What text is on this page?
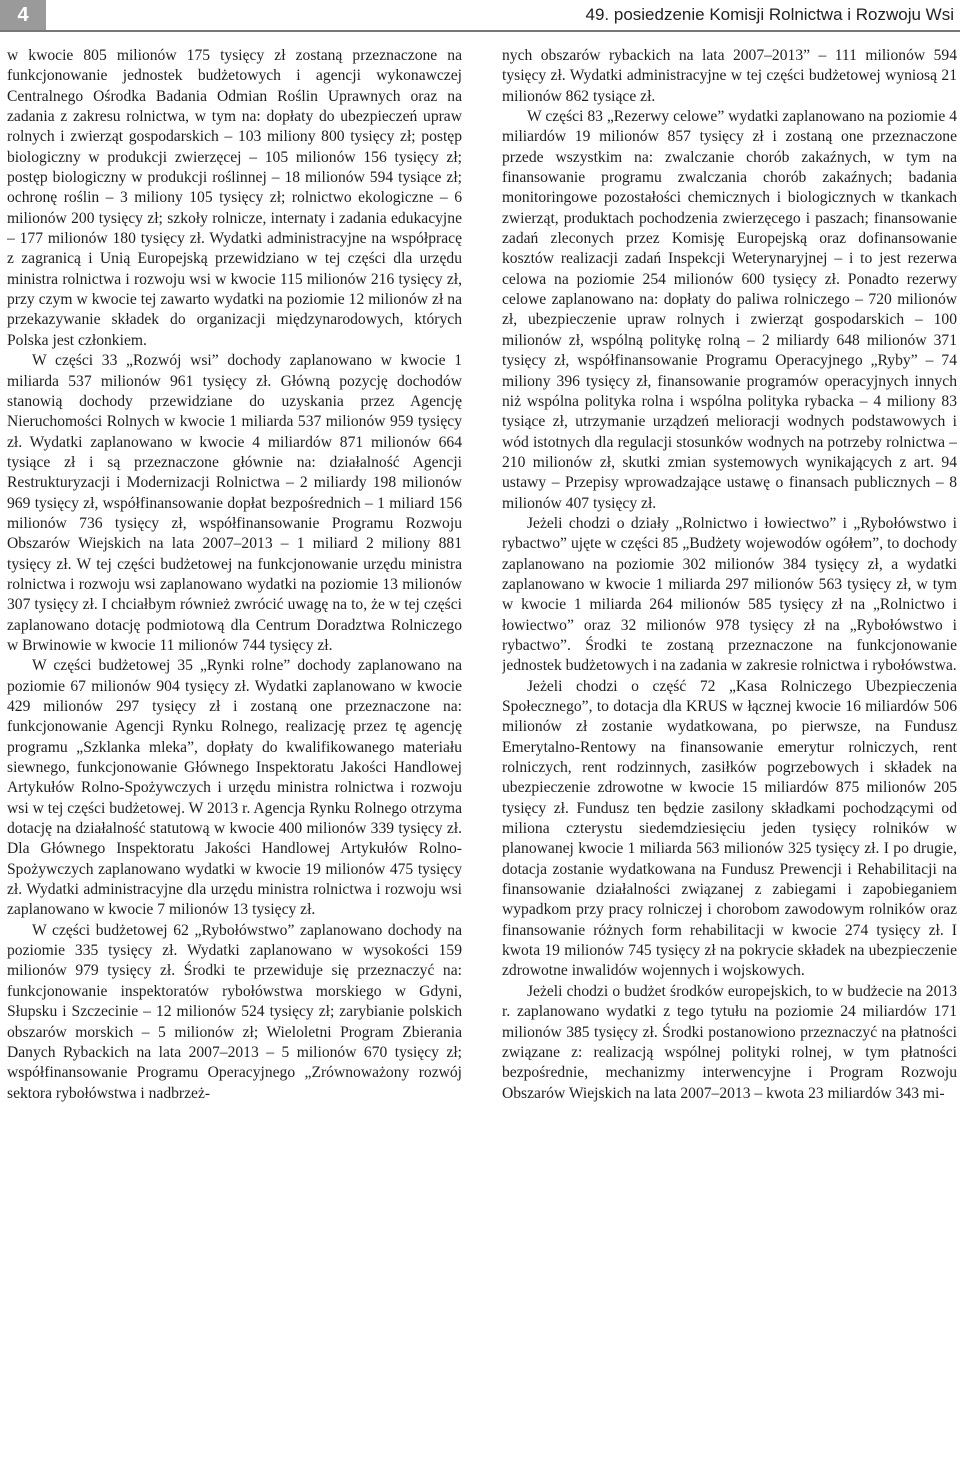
4	49. posiedzenie Komisji Rolnictwa i Rozwoju Wsi

w kwocie 805 milionów 175 tysięcy zł zostaną przeznaczone na funkcjonowanie jednostek budżetowych i agencji wykonawczej Centralnego Ośrodka Badania Odmian Roślin Uprawnych oraz na zadania z zakresu rolnictwa, w tym na: dopłaty do ubezpieczeń upraw rolnych i zwierząt gospodarskich – 103 miliony 800 tysięcy zł; postęp biologiczny w produkcji zwierzęcej – 105 milionów 156 tysięcy zł; postęp biologiczny w produkcji roślinnej – 18 milionów 594 tysiące zł; ochronę roślin – 3 miliony 105 tysięcy zł; rolnictwo ekologiczne – 6 milionów 200 tysięcy zł; szkoły rolnicze, internaty i zadania edukacyjne – 177 milionów 180 tysięcy zł. Wydatki administracyjne na współpracę z zagranicą i Unią Europejską przewidziano w tej części dla urzędu ministra rolnictwa i rozwoju wsi w kwocie 115 milionów 216 tysięcy zł, przy czym w kwocie tej zawarto wydatki na poziomie 12 milionów zł na przekazywanie składek do organizacji międzynarodowych, których Polska jest członkiem.

W części 33 „Rozwój wsi” dochody zaplanowano w kwocie 1 miliarda 537 milionów 961 tysięcy zł. Główną pozycję dochodów stanowią dochody przewidziane do uzyskania przez Agencję Nieruchomości Rolnych w kwocie 1 miliarda 537 milionów 959 tysięcy zł. Wydatki zaplanowano w kwocie 4 miliardów 871 milionów 664 tysiące zł i są przeznaczone głównie na: działalność Agencji Restrukturyzacji i Modernizacji Rolnictwa – 2 miliardy 198 milionów 969 tysięcy zł, współfinansowanie dopłat bezpośrednich – 1 miliard 156 milionów 736 tysięcy zł, współfinansowanie Programu Rozwoju Obszarów Wiejskich na lata 2007–2013 – 1 miliard 2 miliony 881 tysięcy zł. W tej części budżetowej na funkcjonowanie urzędu ministra rolnictwa i rozwoju wsi zaplanowano wydatki na poziomie 13 milionów 307 tysięcy zł. I chciałbym również zwrócić uwagę na to, że w tej części zaplanowano dotację podmiotową dla Centrum Doradztwa Rolniczego w Brwinowie w kwocie 11 milionów 744 tysięcy zł.

W części budżetowej 35 „Rynki rolne” dochody zaplanowano na poziomie 67 milionów 904 tysięcy zł. Wydatki zaplanowano w kwocie 429 milionów 297 tysięcy zł i zostaną one przeznaczone na: funkcjonowanie Agencji Rynku Rolnego, realizację przez tę agencję programu „Szklanka mleka”, dopłaty do kwalifikowanego materiału siewnego, funkcjonowanie Głównego Inspektoratu Jakości Handlowej Artykułów Rolno-Spożywczych i urzędu ministra rolnictwa i rozwoju wsi w tej części budżetowej. W 2013 r. Agencja Rynku Rolnego otrzyma dotację na działalność statutową w kwocie 400 milionów 339 tysięcy zł. Dla Głównego Inspektoratu Jakości Handlowej Artykułów Rolno-Spożywczych zaplanowano wydatki w kwocie 19 milionów 475 tysięcy zł. Wydatki administracyjne dla urzędu ministra rolnictwa i rozwoju wsi zaplanowano w kwocie 7 milionów 13 tysięcy zł.

W części budżetowej 62 „Rybołówstwo” zaplanowano dochody na poziomie 335 tysięcy zł. Wydatki zaplanowano w wysokości 159 milionów 979 tysięcy zł. Środki te przewiduje się przeznaczyć na: funkcjonowanie inspektoratów rybołówstwa morskiego w Gdyni, Słupsku i Szczecinie – 12 milionów 524 tysięcy zł; zarybianie polskich obszarów morskich – 5 milionów zł; Wieloletni Program Zbierania Danych Rybackich na lata 2007–2013 – 5 milionów 670 tysięcy zł; współfinansowanie Programu Operacyjnego „Zrównoważony rozwój sektora rybołówstwa i nadbrzeż-

nych obszarów rybackich na lata 2007–2013” – 111 milionów 594 tysięcy zł. Wydatki administracyjne w tej części budżetowej wyniosą 21 milionów 862 tysiące zł.

W części 83 „Rezerwy celowe” wydatki zaplanowano na poziomie 4 miliardów 19 milionów 857 tysięcy zł i zostaną one przeznaczone przede wszystkim na: zwalczanie chorób zakaźnych, w tym na finansowanie programu zwalczania chorób zakaźnych; badania monitoringowe pozostałości chemicznych i biologicznych w tkankach zwierząt, produktach pochodzenia zwierzęcego i paszach; finansowanie zadań zleconych przez Komisję Europejską oraz dofinansowanie kosztów realizacji zadań Inspekcji Weterynaryjnej – i to jest rezerwa celowa na poziomie 254 milionów 600 tysięcy zł. Ponadto rezerwy celowe zaplanowano na: dopłaty do paliwa rolniczego – 720 milionów zł, ubezpieczenie upraw rolnych i zwierząt gospodarskich – 100 milionów zł, wspólną politykę rolną – 2 miliardy 648 milionów 371 tysięcy zł, współfinansowanie Programu Operacyjnego „Ryby” – 74 miliony 396 tysięcy zł, finansowanie programów operacyjnych innych niż wspólna polityka rolna i wspólna polityka rybacka – 4 miliony 83 tysiące zł, utrzymanie urządzeń melioracji wodnych podstawowych i wód istotnych dla regulacji stosunków wodnych na potrzeby rolnictwa – 210 milionów zł, skutki zmian systemowych wynikających z art. 94 ustawy – Przepisy wprowadzające ustawę o finansach publicznych – 8 milionów 407 tysięcy zł.

Jeżeli chodzi o działy „Rolnictwo i łowiectwo” i „Rybołówstwo i rybactwo” ujęte w części 85 „Budżety wojewodów ogółem”, to dochody zaplanowano na poziomie 302 milionów 384 tysięcy zł, a wydatki zaplanowano w kwocie 1 miliarda 297 milionów 563 tysięcy zł, w tym w kwocie 1 miliarda 264 milionów 585 tysięcy zł na „Rolnictwo i łowiectwo” oraz 32 milionów 978 tysięcy zł na „Rybołówstwo i rybactwo”. Środki te zostaną przeznaczone na funkcjonowanie jednostek budżetowych i na zadania w zakresie rolnictwa i rybołówstwa.

Jeżeli chodzi o część 72 „Kasa Rolniczego Ubezpieczenia Społecznego”, to dotacja dla KRUS w łącznej kwocie 16 miliardów 506 milionów zł zostanie wydatkowana, po pierwsze, na Fundusz Emerytalno-Rentowy na finansowanie emerytur rolniczych, rent rolniczych, rent rodzinnych, zasiłków pogrzebowych i składek na ubezpieczenie zdrowotne w kwocie 15 miliardów 875 milionów 205 tysięcy zł. Fundusz ten będzie zasilony składkami pochodzącymi od miliona czterystu siedemdziesięciu jeden tysięcy rolników w planowanej kwocie 1 miliarda 563 milionów 325 tysięcy zł. I po drugie, dotacja zostanie wydatkowana na Fundusz Prewencji i Rehabilitacji na finansowanie działalności związanej z zabiegami i zapobieganiem wypadkom przy pracy rolniczej i chorobom zawodowym rolników oraz finansowanie różnych form rehabilitacji w kwocie 274 tysięcy zł. I kwota 19 milionów 745 tysięcy zł na pokrycie składek na ubezpieczenie zdrowotne inwalidów wojennych i wojskowych.

Jeżeli chodzi o budżet środków europejskich, to w budżecie na 2013 r. zaplanowano wydatki z tego tytułu na poziomie 24 miliardów 171 milionów 385 tysięcy zł. Środki postanowiono przeznaczyć na płatności związane z: realizacją wspólnej polityki rolnej, w tym płatności bezpośrednie, mechanizmy interwencyjne i Program Rozwoju Obszarów Wiejskich na lata 2007–2013 – kwota 23 miliardów 343 mi-
